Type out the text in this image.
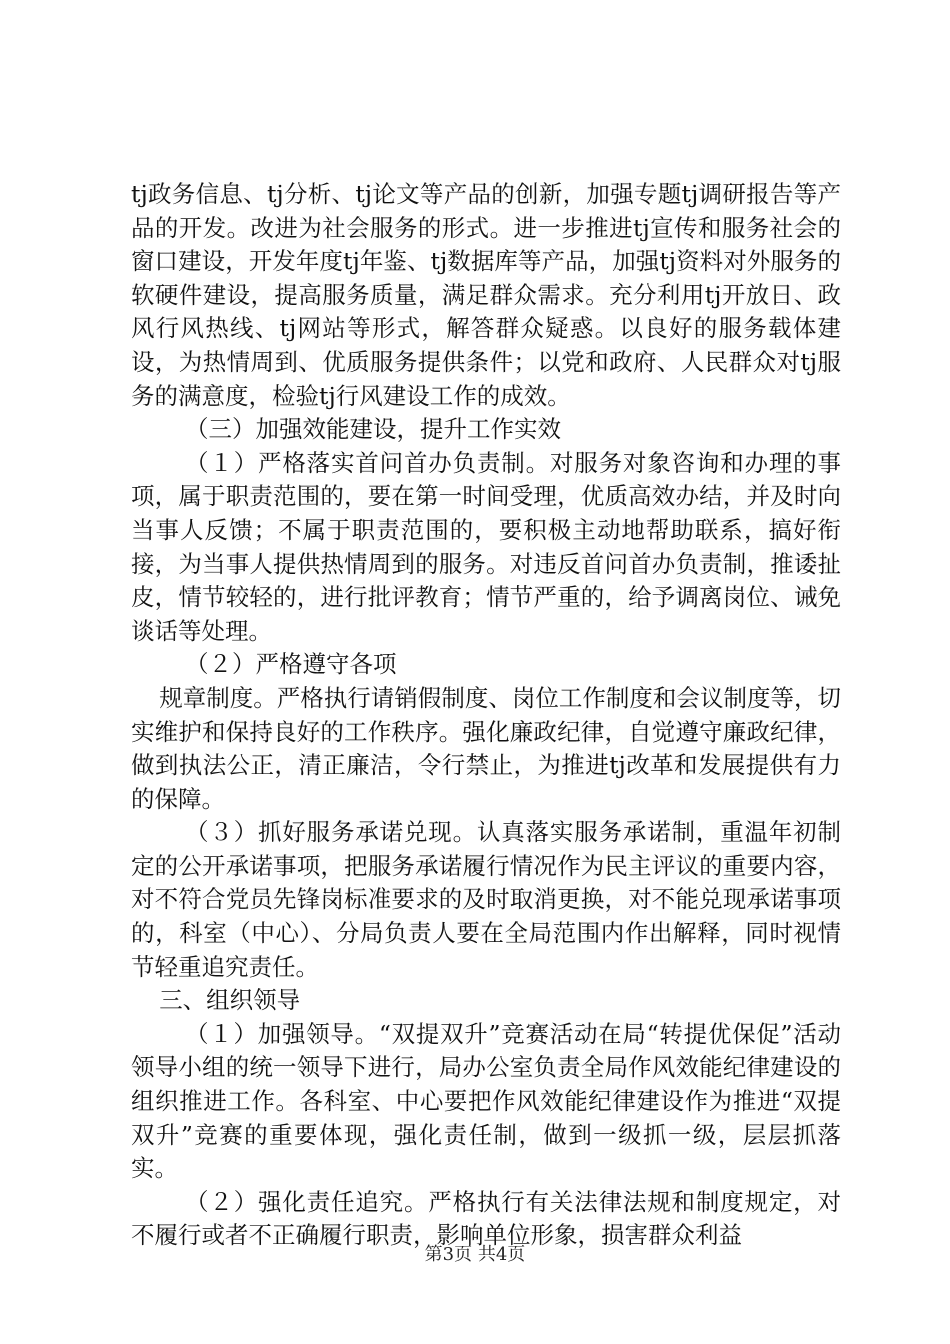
tj政务信息、tj分析、tj论文等产品的创新，加强专题tj调研报告等产品的开发。改进为社会服务的形式。进一步推进tj宣传和服务社会的窗口建设，开发年度tj年鉴、tj数据库等产品，加强tj资料对外服务的软硬件建设，提高服务质量，满足群众需求。充分利用tj开放日、政风行风热线、tj网站等形式，解答群众疑惑。以良好的服务载体建设，为热情周到、优质服务提供条件；以党和政府、人民群众对tj服务的满意度，检验tj行风建设工作的成效。

（三）加强效能建设，提升工作实效

（１）严格落实首问首办负责制。对服务对象咨询和办理的事项，属于职责范围的，要在第一时间受理，优质高效办结，并及时向当事人反馈；不属于职责范围的，要积极主动地帮助联系，搞好衔接，为当事人提供热情周到的服务。对违反首问首办负责制，推诿扯皮，情节较轻的，进行批评教育；情节严重的，给予调离岗位、诫免谈话等处理。

（２）严格遵守各项

规章制度。严格执行请销假制度、岗位工作制度和会议制度等，切实维护和保持良好的工作秩序。强化廉政纪律，自觉遵守廉政纪律，做到执法公正，清正廉洁，令行禁止，为推进tj改革和发展提供有力的保障。

（３）抓好服务承诺兑现。认真落实服务承诺制，重温年初制定的公开承诺事项，把服务承诺履行情况作为民主评议的重要内容，对不符合党员先锋岗标准要求的及时取消更换，对不能兑现承诺事项的，科室（中心）、分局负责人要在全局范围内作出解释，同时视情节轻重追究责任。

三、组织领导

（１）加强领导。“双提双升”竞赛活动在局“转提优保促”活动领导小组的统一领导下进行，局办公室负责全局作风效能纪律建设的组织推进工作。各科室、中心要把作风效能纪律建设作为推进“双提双升”竞赛的重要体现，强化责任制，做到一级抓一级，层层抓落实。

（２）强化责任追究。严格执行有关法律法规和制度规定，对不履行或者不正确履行职责，影响单位形象，损害群众利益

第3页 共4页
